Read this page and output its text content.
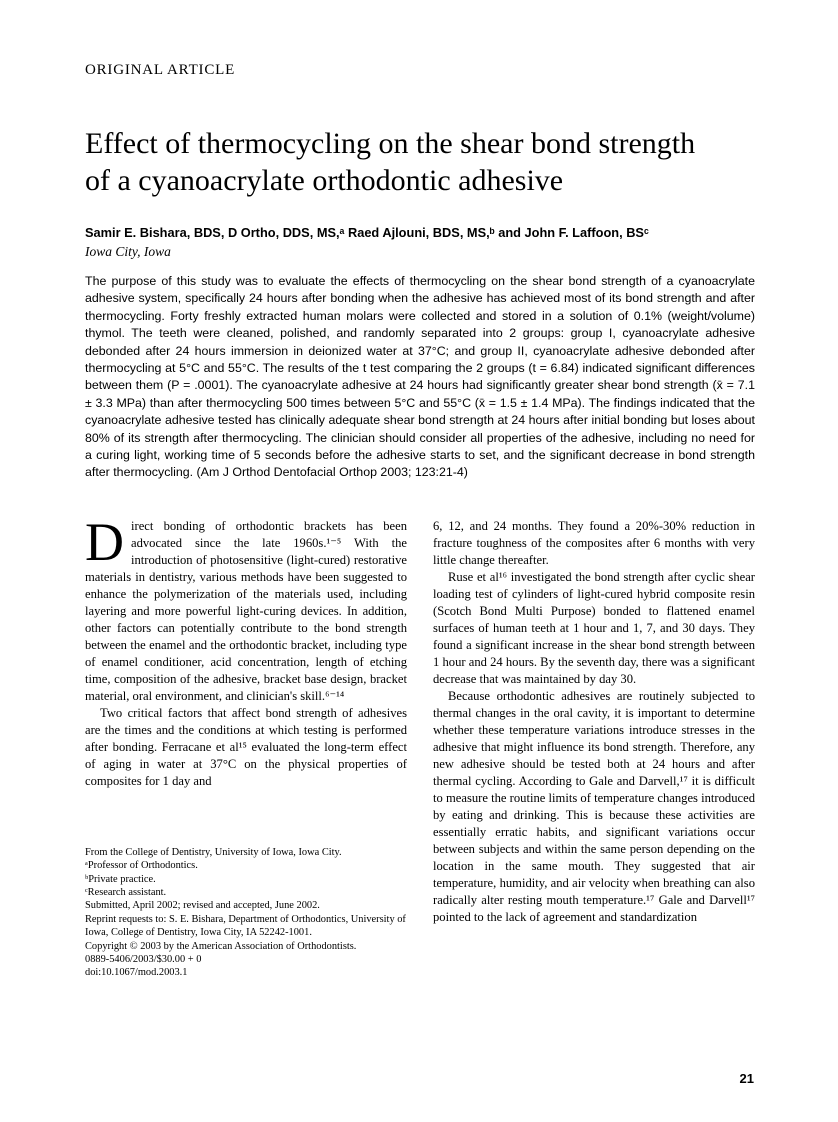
ORIGINAL ARTICLE
Effect of thermocycling on the shear bond strength of a cyanoacrylate orthodontic adhesive
Samir E. Bishara, BDS, D Ortho, DDS, MS,ᵃ Raed Ajlouni, BDS, MS,ᵇ and John F. Laffoon, BSᶜ
Iowa City, Iowa
The purpose of this study was to evaluate the effects of thermocycling on the shear bond strength of a cyanoacrylate adhesive system, specifically 24 hours after bonding when the adhesive has achieved most of its bond strength and after thermocycling. Forty freshly extracted human molars were collected and stored in a solution of 0.1% (weight/volume) thymol. The teeth were cleaned, polished, and randomly separated into 2 groups: group I, cyanoacrylate adhesive debonded after 24 hours immersion in deionized water at 37°C; and group II, cyanoacrylate adhesive debonded after thermocycling at 5°C and 55°C. The results of the t test comparing the 2 groups (t = 6.84) indicated significant differences between them (P = .0001). The cyanoacrylate adhesive at 24 hours had significantly greater shear bond strength (x̄ = 7.1 ± 3.3 MPa) than after thermocycling 500 times between 5°C and 55°C (x̄ = 1.5 ± 1.4 MPa). The findings indicated that the cyanoacrylate adhesive tested has clinically adequate shear bond strength at 24 hours after initial bonding but loses about 80% of its strength after thermocycling. The clinician should consider all properties of the adhesive, including no need for a curing light, working time of 5 seconds before the adhesive starts to set, and the significant decrease in bond strength after thermocycling. (Am J Orthod Dentofacial Orthop 2003; 123:21-4)

Direct bonding of orthodontic brackets has been advocated since the late 1960s.¹⁻⁵ With the introduction of photosensitive (light-cured) restorative materials in dentistry, various methods have been suggested to enhance the polymerization of the materials used, including layering and more powerful light-curing devices. In addition, other factors can potentially contribute to the bond strength between the enamel and the orthodontic bracket, including type of enamel conditioner, acid concentration, length of etching time, composition of the adhesive, bracket base design, bracket material, oral environment, and clinician's skill.⁶⁻¹⁴

Two critical factors that affect bond strength of adhesives are the times and the conditions at which testing is performed after bonding. Ferracane et al¹⁵ evaluated the long-term effect of aging in water at 37°C on the physical properties of composites for 1 day and

From the College of Dentistry, University of Iowa, Iowa City.

ᵃProfessor of Orthodontics.

ᵇPrivate practice.

ᶜResearch assistant.

Submitted, April 2002; revised and accepted, June 2002.

Reprint requests to: S. E. Bishara, Department of Orthodontics, University of Iowa, College of Dentistry, Iowa City, IA 52242-1001.

Copyright © 2003 by the American Association of Orthodontists.

0889-5406/2003/$30.00 + 0

doi:10.1067/mod.2003.1

6, 12, and 24 months. They found a 20%-30% reduction in fracture toughness of the composites after 6 months with very little change thereafter.

Ruse et al¹⁶ investigated the bond strength after cyclic shear loading test of cylinders of light-cured hybrid composite resin (Scotch Bond Multi Purpose) bonded to flattened enamel surfaces of human teeth at 1 hour and 1, 7, and 30 days. They found a significant increase in the shear bond strength between 1 hour and 24 hours. By the seventh day, there was a significant decrease that was maintained by day 30.

Because orthodontic adhesives are routinely subjected to thermal changes in the oral cavity, it is important to determine whether these temperature variations introduce stresses in the adhesive that might influence its bond strength. Therefore, any new adhesive should be tested both at 24 hours and after thermal cycling. According to Gale and Darvell,¹⁷ it is difficult to measure the routine limits of temperature changes introduced by eating and drinking. This is because these activities are essentially erratic habits, and significant variations occur between subjects and within the same person depending on the location in the same mouth. They suggested that air temperature, humidity, and air velocity when breathing can also radically alter resting mouth temperature.¹⁷ Gale and Darvell¹⁷ pointed to the lack of agreement and standardization

21
